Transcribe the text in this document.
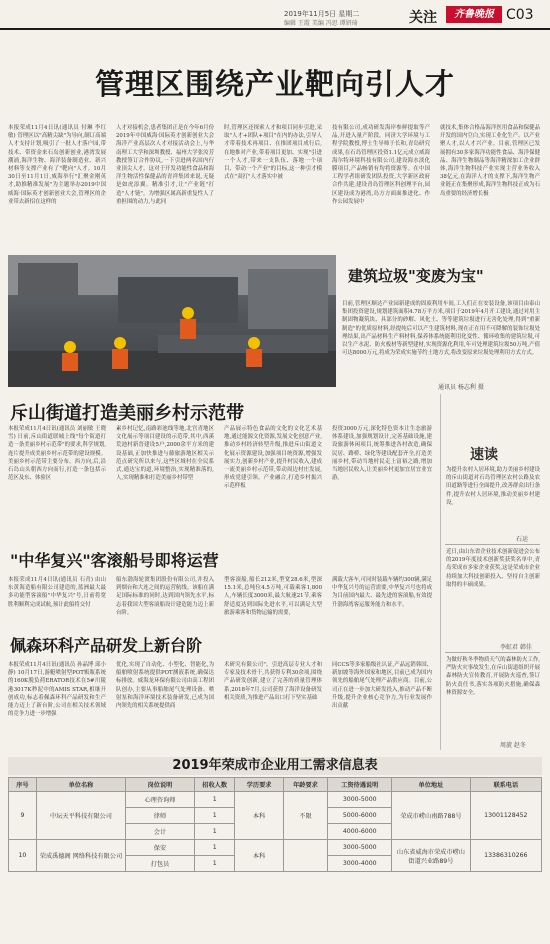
2019年11月5日 星期二
编辑 王霞 美编 冯思 谭妍琦	关注	齐鲁晚报 C03
管理区围绕产业靶向引人才
本报荣成11月4日讯(通讯员 付琳 李红敏) 管理区以"高精尖缺"为导向,制订高端人才支持计划,吸引了一批人才落户园,带技术、带资金来石岛创新创业,港湾发展潮涌,海洋生物、海洋装备制造业、新兴材料等支撑产业有了"靶向"人才。10月30日至11月1日,威海举行"汇聚金刚英才,助推精准发展"为主题举办2019中国威海·国际英才创新创业大会,管理区的企业带去新招在这样的
人才对接机会,患者集团正是在今年6月份2019年中国威海·国际英才创新创业大会海洋产业高层次人才对接活动会上,与华南理工大学和深圳教授、福州大学张汝芳教授签订合作协议,一下引进两名国内行业顶尖人才。这对于开发功能性食品和海洋生物活性保健品的青祥集团来说,无疑是如虎添翼。精准引才,让"产业链"打造"人才链"。为增强区属高新重复性人了重担围的动力,与此同
时,管理区还探索人才和项目同步引进,采取"人才+团队+项目"在内的办法,引导人才带着技术再项目、在推团项目成行后,在地推对产业,带着项目更加、实现"引进一个人才,带来一支队伍、落地一个项目、带动一个产业"的目标,这一种引才模式在"双打"人才落实中被
技有限公司,成功研发海岸参鲜提取等产品,开进入量产阶段。同济大学环境与工程学院教授,博士生导师于长和,青岛研究成果,在石岛管理区投资1.1亿元成立威海海尔特环境科技有限公司,建设海水淡化膜项目,产品畅销有均将资源等。在中国工程学者组研发团队投资,大学新区政府合作共建,建设青岛管理区科创理平台,园区建设成为港湾,岛方方面面推进化、作作公园发展中
就技术,集体合格品海洋医用食品和保健品开发的国内空白,实现工业化生产。以产业聚人才,以人才兴产业。目前,管理区已发展拥有30多家海洋功能性食品、海洋保健品、海洋生物制品等海洋精深加工企业群体,海洋生物科技产业实现主营业务收入38亿元,在海洋人才的支撑下,海洋生物产业链正在集聚形成,海洋生物科技正成为石岛重要的经济增长极
建筑垃圾"变废为宝"
目前,管理区顺达产业园新建成的固废利用车间,工人们正在安装设备,该项目由泰山集团投资建设,规划建筑面积4.78万平方米,项目于2019年4月开工建设,通过对用主制固物凝筑块、具部分的砂解、风化土、等等建筑垃圾进行无害化处理,得到"重新制造"的优质原材料,经提纯后可以产生建筑材料,现在正在用不可降解的装饰垃圾处理结果,出产品材料生产料材料,保养体系统能利用化变性、循环收集的建筑垃圾,可以生产水泥、防火板材等新型建材,实现资源化利用,年可处理建筑垃圾50万吨,产值可达8000万元,将成为荣成实施节约土地方式,将改变原来垃圾处理利用方式方式。
通讯员 杨志利 摄
斥山街道打造美丽乡村示范带
本报荣成11月4日讯(通讯员 刘丽敏 王晓雪) 日前,斥山街道联城上线"每个街道打造一条美丽乡村示范带"的要求,科学规划,连片提升成美丽乡村示范带的建设规模。美丽乡村示范带主要分布。西方向,后,沿石岛山头朝西方向而行,打造一条包括示范区及东、体验区
素乡村记忆,南路彩池线等地,北宫青地区文化展示等项目建设的示范带,其中,西溪荒池村新晋建设5户,2000余平方米的建设基础,正加快推进与藤旅游地区相关示范点研究所以来与,这些区域村在全民系式,通达宝的道,环境整治,实现精准落的,人,实现精准和打造美丽乡村带型
产品展示特色食品的文化的文化艺术基地,通过能源文化资源,发展文化创意产业,推动乡村经济转型升级,推进斥山街道文化展示资源建设,加强项目统资源,增强发展实力,创新乡村产业,提升村民收入,建成一流美丽乡村示范带,带动周边村庄发展,形成党建引领、产业融合,打造乡村振兴示范样板
投资3000万元,深化特色资本让生态旅游体系建设,加强规划设计,完善基础设施,建设旅游休闲项目,统筹推进各村改造,确保民居、路桥、绿化等建设配套齐全,打造美丽乡村,带动当地村民走上富裕之路,增加当地居民收入,让美丽乡村更加宜居宜业宜游。
"中华复兴"客滚船号即将运营
本报荣成11月4日讯(通讯员 石青) 由山东黄海造船有限公司建造的,蓝洲最大最多功能型客滚船"中华复兴"号,日前将宽胜利顺利完成试航,预计此船将交付
船东渤海轮渡集团股份有限公司,并投入到烟台和大连之间的运营航线。该船在满足国际标准的同时,达到国内领先水平,标志着我国大型客滚船设计建造能力迈上新台阶。
型客滚船,船长212米,型宽28.6米,型深15.1米,总吨位4.5万吨,可载乘客1,800人,车辆长度3000米,最大航速21节,乘客舒适度达到国际先进水平,可以满足大型旅游乘客和货物运输的需要,
满载大客车,可同时装载车辆约300辆,满足中华复兴号的运营需要,中华复兴号也将成为目前国内最大、最先进的客滚船,有效提升渤海湾客运服务能力和水平。
佩森环科产品研发上新台阶
本报荣成11月4日讯(通讯员 孙晶博 邱小静) 10月17日,游艇喷射型POT贩瓶系统的160K脱负荷ERATOR技术在5#川陵港3017K秒泥中的AMIS STAR,相继开创成功,标志着佩森环科产品研发和生产能力迈上了新台阶,公司在相关技术领域的竞争力进一步增强
优化,实现了自动化、小型化、智能化,为船舶喷射系统提供POT测液系统,确保达标排放。威海龙环保有限公司由高工程团队创办,主要从事船舶尾气处理设备、喷射泵和海洋环境技术装备研发,已成为国内领先的相关系统提供商
术研究有限公司"。引进高层专业人才和专家及技术骨干,共获得专利30余项,围绕产品研发创新,建立了完善的质量管理体系,2018年7月,公司获得了海洋设备研发相关资质,为推进产品出口打下坚实基础
同CCS等多家船级社认证,产品远销韩国、新加坡等海外国家和地区,目前已成为国内领先的船舶尾气处理产品供应商。目前,公司正在进一步加大研发投入,推动产品不断升级,提升企业核心竞争力,为行业发展作出贡献
速读
为提升农村人居环境,助力美丽乡村建设的斥山街道对石岛管理区农村公路及农田道路等进行全面提升,改善群众出行条件,提升农村人居环境,推动美丽乡村建设。
石运
近日,由山东省企业技术创新促进会公布的2019年度技术创新奖获奖名单中,青岛荣成市多家企业获奖,这是荣成市企业持续加大科技创新投入、坚持自主创新取得的丰硕成果。
李虹君 韩佳
为做好秋冬季物质天气的森林防火工作,严防火灾事故发生,在斥山街道组织开展森林防火宣传教育,开展防火巡查,签订防火责任书,落实各项防火措施,确保森林资源安全。
周旋 赵冬
2019年荣成市企业用工需求信息表
序号	单位名称	岗位说明	招收人数	学历要求	年龄要求	工资待遇说明	单位地址	联系电话
9	中坛天平科技有限公司	心理咨询师	1	本科	不限	3000-5000	荣成市崂山南路788号	13001128452
		律师	1			5000-6000		
		会计	1			4000-6000		
10	荣成禹德阁 网络科技有限公司	保安	1	本科		3000-5000	山东省威海市荣成市崂山街道兴业路89号	13386310266
		打包员	1			3000-4000		
